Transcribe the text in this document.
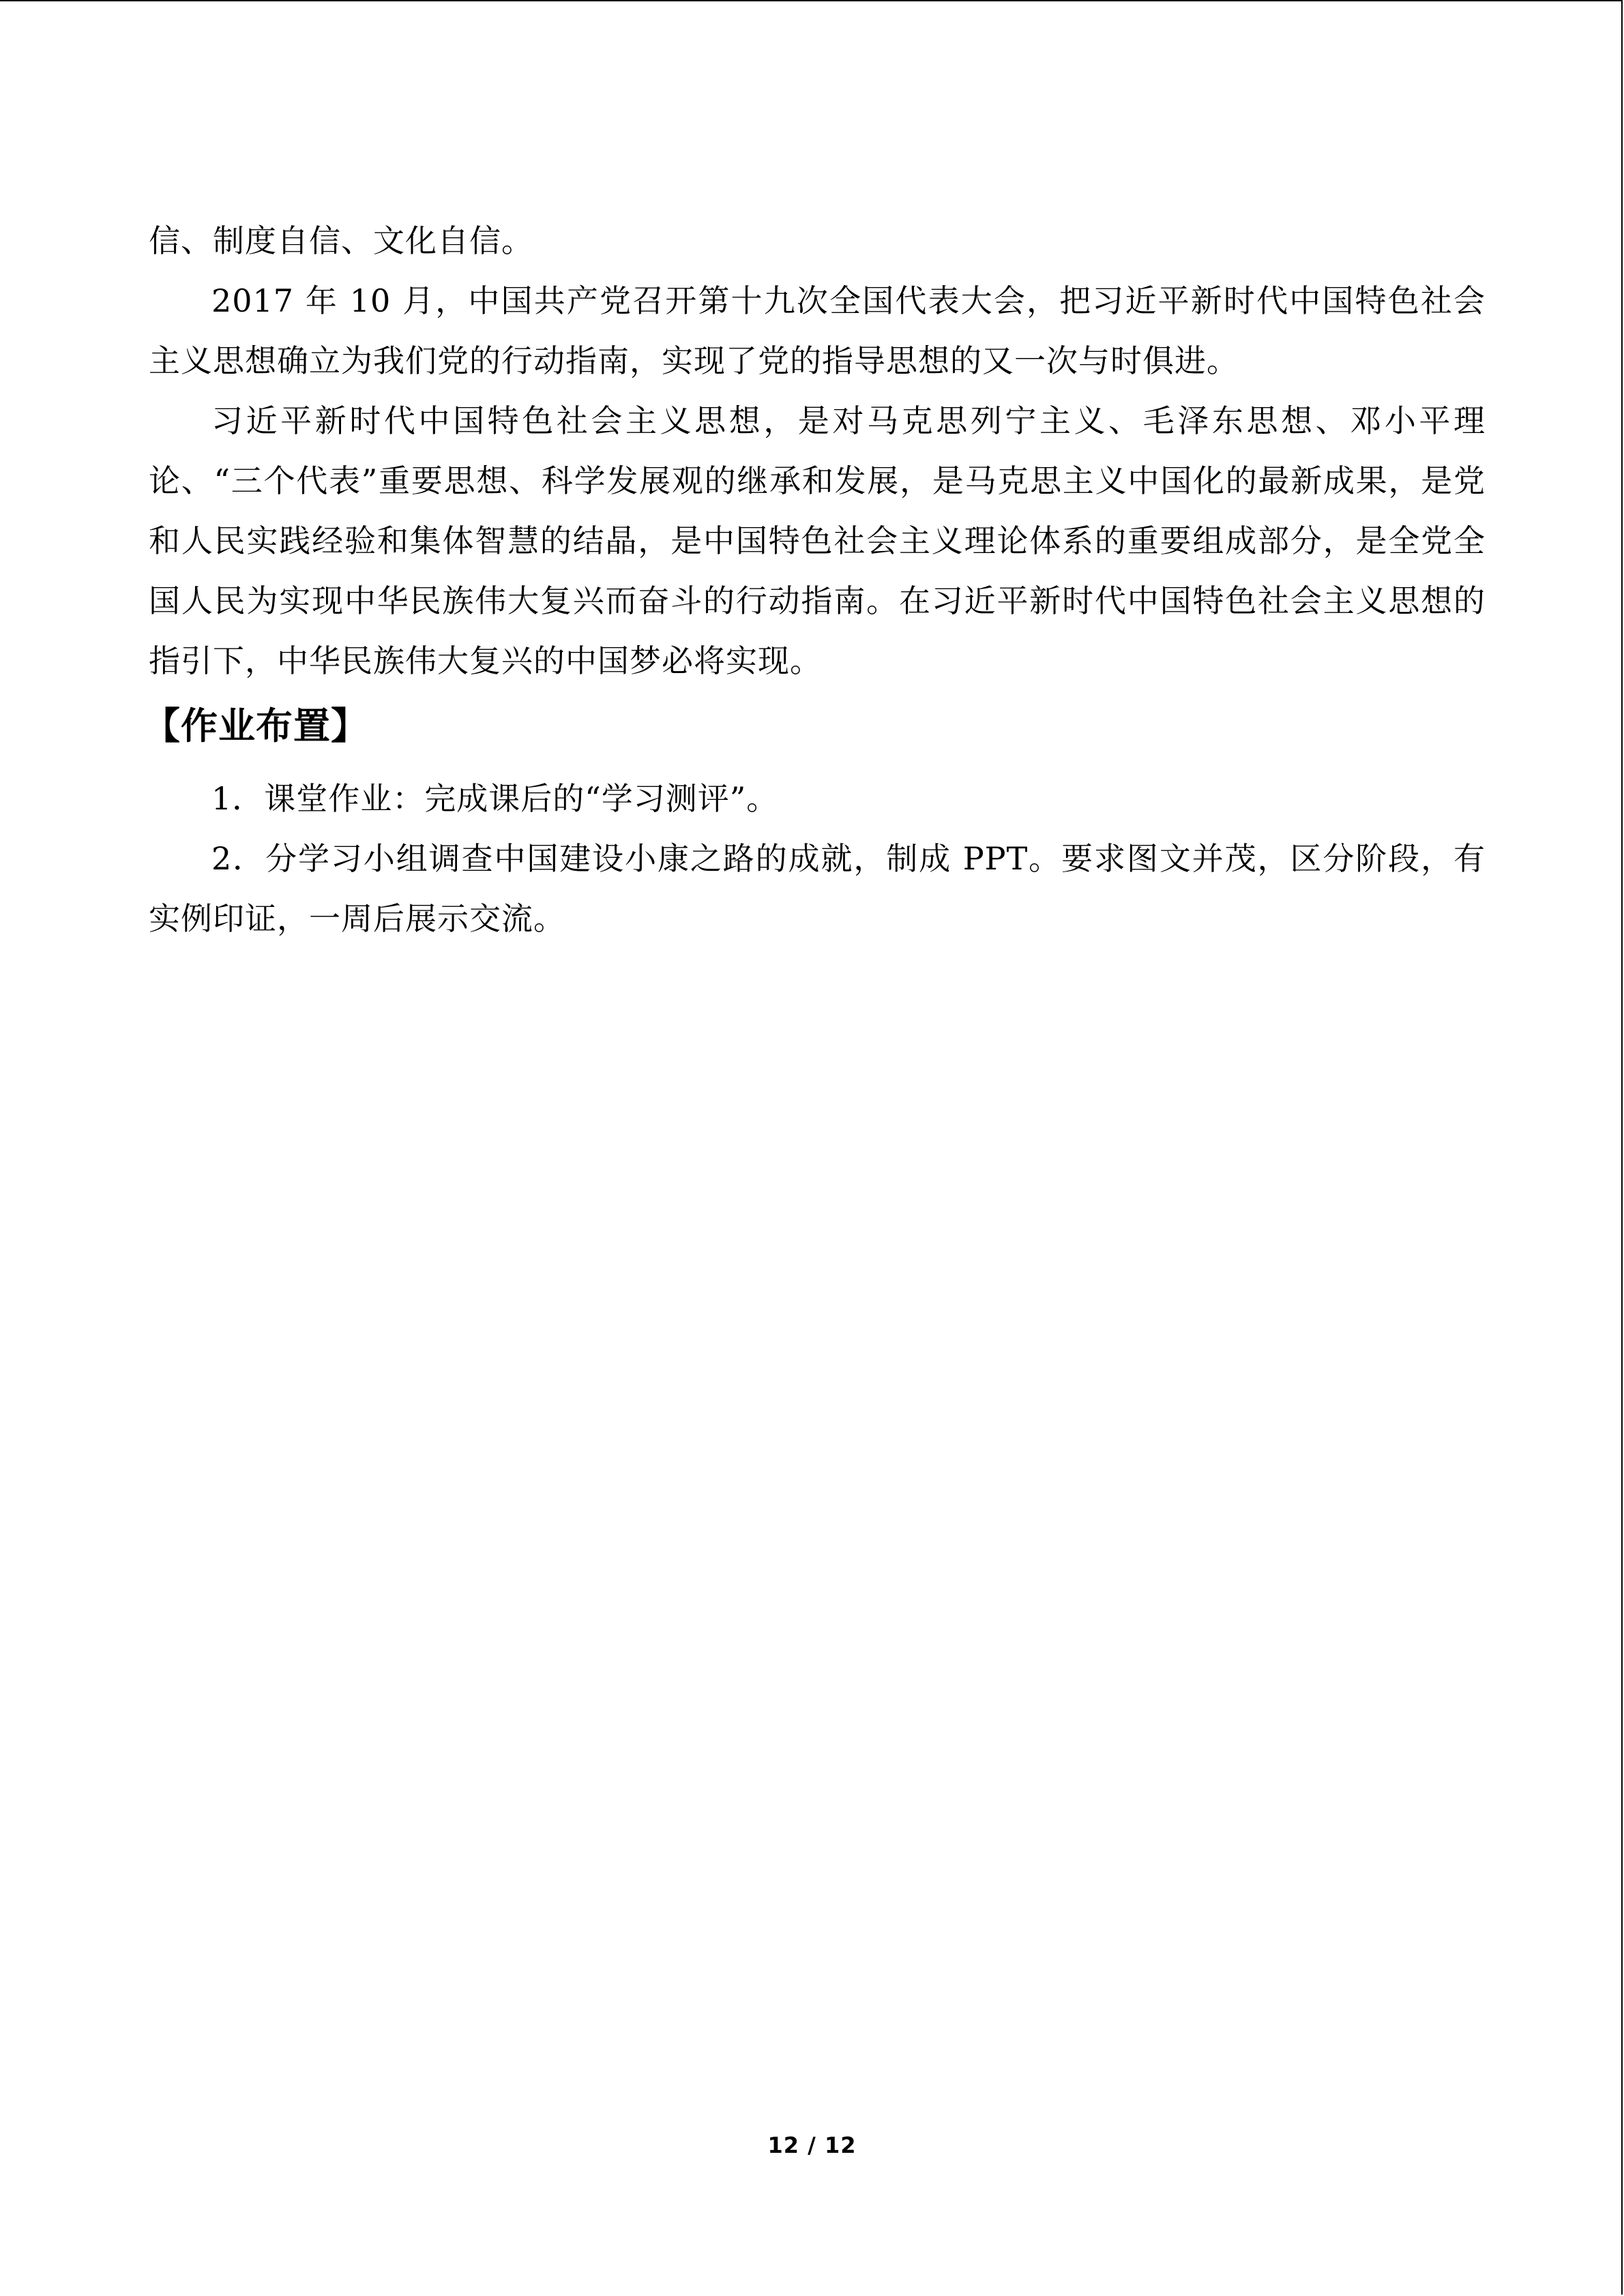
信、制度自信、文化自信。

2017 年 10 月，中国共产党召开第十九次全国代表大会，把习近平新时代中国特色社会主义思想确立为我们党的行动指南，实现了党的指导思想的又一次与时俱进。

习近平新时代中国特色社会主义思想，是对马克思列宁主义、毛泽东思想、邓小平理论、“三个代表”重要思想、科学发展观的继承和发展，是马克思主义中国化的最新成果，是党和人民实践经验和集体智慧的结晶，是中国特色社会主义理论体系的重要组成部分，是全党全国人民为实现中华民族伟大复兴而奋斗的行动指南。在习近平新时代中国特色社会主义思想的指引下，中华民族伟大复兴的中国梦必将实现。

【作业布置】

1．课堂作业：完成课后的“学习测评”。

2．分学习小组调查中国建设小康之路的成就，制成 PPT。要求图文并茂，区分阶段，有实例印证，一周后展示交流。

12 / 12
